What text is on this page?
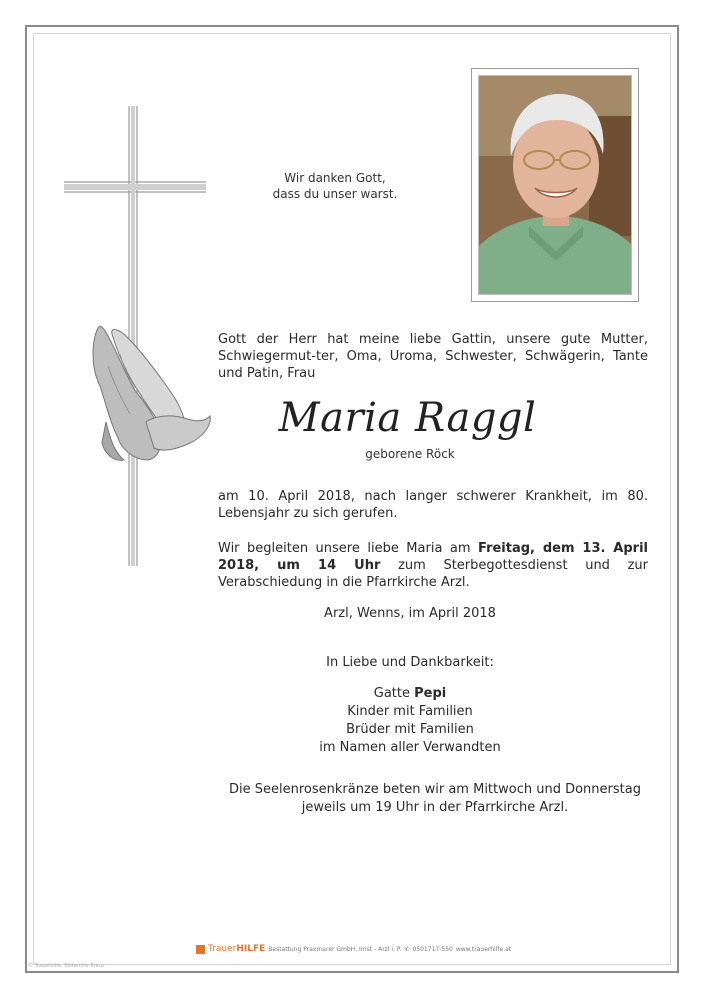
Wir danken Gott,
dass du unser warst.
Gott der Herr hat meine liebe Gattin, unsere gute Mutter, Schwiegermut-ter, Oma, Uroma, Schwester, Schwägerin, Tante und Patin, Frau
Maria Raggl
geborene Röck
am 10. April 2018, nach langer schwerer Krankheit, im 80. Lebensjahr zu sich gerufen.
Wir begleiten unsere liebe Maria am Freitag, dem 13. April 2018, um 14 Uhr zum Sterbegottesdienst und zur Verabschiedung in die Pfarrkirche Arzl.
Arzl, Wenns, im April 2018
In Liebe und Dankbarkeit:
Gatte Pepi
Kinder mit Familien
Brüder mit Familien
im Namen aller Verwandten
Die Seelenrosenkränze beten wir am Mittwoch und Donnerstag
jeweils um 19 Uhr in der Pfarrkirche Arzl.
TrauerHILFE Bestattung Praxmarer GmbH, Imst - Arzl i. P. ✆ 0501717-550 www.trauerhilfe.at
© Trauerhilfe, Bildarchiv Kreuz
